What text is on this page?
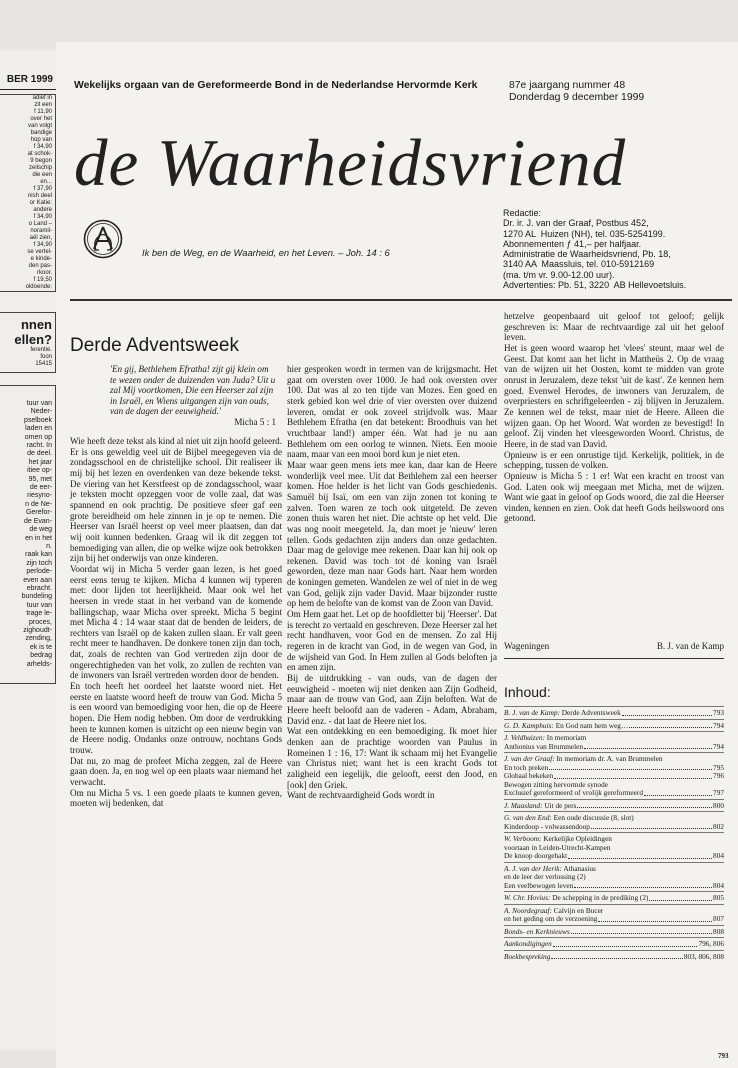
BER 1999
adief in
zit een
f 11,90
over het
van volgt
bandige
hop van
f 34,90
at schok-
9 begon
zeilschip
die een
en...
f 37,90
nish deel
or Katie:
andere
f 34,90
o Land –
noramil-
aël zien,
f 34,90
se vertel-
e kinde-
den pas-
rkoor.
f 19,50
oldoende:
nnen
ellen?
ferentie.
foon
15415
tuur van
Neder-
pselboek
laden en
omen op
racht. In
de deel.
het jaar
itiee op-
95, met
de eer-
riesyno-
n de Ne-
Gerefor-
de Evan-
de weg
en in het
n.
raak kan
zijn toch
perlode-
even aan
ebracht.
bundeling
tuur van
trage le-
proces,
zighoudt-
zending,
ek is te
bedrag
arhelds-
Wekelijks orgaan van de Gereformeerde Bond in de Nederlandse Hervormde Kerk	87e jaargang nummer 48
Donderdag 9 december 1999
de Waarheidsvriend
Ik ben de Weg, en de Waarheid, en het Leven. – Joh. 14 : 6
Redactie:
Dr. ir. J. van der Graaf, Postbus 452,
1270 AL  Huizen (NH), tel. 035-5254199.
Abonnementen ƒ 41,– per halfjaar.
Administratie de Waarheidsvriend, Pb. 18,
3140 AA  Maassluis, tel. 010-5912169
(ma. t/m vr. 9.00-12.00 uur).
Advertenties: Pb. 51, 3220  AB Hellevoetsluis.
Derde Adventsweek
'En gij, Bethlehem Efratha! zijt gij klein om te wezen onder de duizenden van Juda? Uit u zal Mij voortkomen, Die een Heerser zal zijn in Israël, en Wiens uitgangen zijn van ouds, van de dagen der eeuwigheid.'
Micha 5 : 1

Wie heeft deze tekst als kind al niet uit zijn hoofd geleerd. Er is ons geweldig veel uit de Bijbel meegegeven via de zondagsschool en de christelijke school. Dit realiseer ik mij bij het lezen en overdenken van deze bekende tekst. De viering van het Kerstfeest op de zondagsschool, waar je teksten mocht opzeggen voor de volle zaal, dat was spannend en ook prachtig. De positieve sfeer gaf een grote bereidheid om hele zinnen in je op te nemen. Die Heerser van Israël heerst op veel meer plaatsen, dan dat wij ooit kunnen bedenken. Graag wil ik dit zeggen tot bemoediging van allen, die op welke wijze ook betrokken zijn bij het onderwijs van onze kinderen.

Voordat wij in Micha 5 verder gaan lezen, is het goed eerst eens terug te kijken. Micha 4 kunnen wij typeren met: door lijden tot heerlijkheid. Maar ook wel het heersen in vrede staat in het verband van de komende ballingschap, waar Micha over spreekt. Micha 5 begint met Micha 4 : 14 waar staat dat de benden de leiders, de rechters van Israël op de kaken zullen slaan. Er valt geen recht meer te handhaven. De donkere tonen zijn dan toch, dat, zoals de rechten van God vertreden zijn door de ongerechtigheden van het volk, zo zullen de rechten van de inwoners van Israël vertreden worden door de benden.

En toch heeft het oordeel het laatste woord niet. Het eerste en laatste woord heeft de trouw van God. Micha 5 is een woord van bemoediging voor hen, die op de Heere hopen. Die Hem nodig hebben. Om door de verdrukking heen te kunnen komen is uitzicht op een nieuw begin van de Heere nodig. Ondanks onze ontrouw, nochtans Gods trouw.

Dat nu, zo mag de profeet Micha zeggen, zal de Heere gaan doen. Ja, en nog wel op een plaats waar niemand het verwacht.

Om nu Micha 5 vs. 1 een goede plaats te kunnen geven, moeten wij bedenken, dat

hier gesproken wordt in termen van de krijgsmacht. Het gaat om oversten over 1000. Je had ook oversten over 100. Dat was al zo ten tijde van Mozes. Een goed en sterk gebied kon wel drie of vier oversten over duizend leveren, omdat er ook zoveel strijdvolk was. Maar Bethlehem Efratha (en dat betekent: Broodhuis van het vruchtbaar land!) amper één. Wat had je nu aan Bethlehem om een oorlog te winnen. Niets. Een mooie naam, maar van een mooi bord kun je niet eten.

Maar waar geen mens iets mee kan, daar kan de Heere wonderlijk veel mee. Uit dat Bethlehem zal een heerser komen. Hoe helder is het licht van Gods geschiedenis. Samuël bij Isaï, om een van zijn zonen tot koning te zalven. Toen waren ze toch ook uitgeteld. De zeven zonen thuis waren het niet. Die achtste op het veld. Die was nog nooit meegeteld. Ja, dan moet je 'nieuw' leren tellen. Gods gedachten zijn anders dan onze gedachten. Daar mag de gelovige mee rekenen. Daar kan hij ook op rekenen. David was toch tot dé koning van Israël geworden, deze man naar Gods hart. Naar hem worden de koningen gemeten. Wandelen ze wel of niet in de weg van God, gelijk zijn vader David. Maar bijzonder rustte op hem de belofte van de komst van de Zoon van David.

Om Hem gaat het. Let op de hoofdletter bij 'Heerser'. Dat is terecht zo vertaald en geschreven. Deze Heerser zal het recht handhaven, voor God en de mensen. Zo zal Hij regeren in de kracht van God, in de wegen van God, in de wijsheid van God. In Hem zullen al Gods beloften ja en amen zijn.

Bij de uitdrukking - van ouds, van de dagen der eeuwigheid - moeten wij niet denken aan Zijn Godheid, maar aan de trouw van God, aan Zijn beloften. Wat de Heere heeft beloofd aan de vaderen - Adam, Abraham, David enz. - dat laat de Heere niet los.

Wat een ontdekking en een bemoediging. Ik moet hier denken aan de prachtige woorden van Paulus in Romeinen 1 : 16, 17: Want ik schaam mij het Evangelie van Christus niet; want het is een kracht Gods tot zaligheid een iegelijk, die gelooft, eerst den Jood, en [ook] den Griek.

Want de rechtvaardigheid Gods wordt in

hetzelve geopenbaard uit geloof tot geloof; gelijk geschreven is: Maar de rechtvaardige zal uit het geloof leven.

Het is geen woord waarop het 'vlees' steunt, maar wel de Geest. Dat komt aan het licht in Mattheüs 2. Op de vraag van de wijzen uit het Oosten, komt te midden van grote onrust in Jeruzalem, deze tekst 'uit de kast'. Ze kennen hem goed. Evenwel Herodes, de inwoners van Jeruzalem, de overpriesters en schriftgeleerden - zij blijven in Jeruzalem. Ze kennen wel de tekst, maar niet de Heere. Alleen die wijzen gaan. Op het Woord. Wat worden ze bevestigd! In geloof. Zij vinden het vleesgeworden Woord. Christus, de Heere, in de stad van David.

Opnieuw is er een onrustige tijd. Kerkelijk, politiek, in de schepping, tussen de volken.

Opnieuw is Micha 5 : 1 er! Wat een kracht en troost van God. Laten ook wij meegaan met Micha, met de wijzen. Want wie gaat in geloof op Gods woord, die zal die Heerser vinden, kennen en zien. Ook dat heeft Gods heilswoord ons getoond.

Wageningen	B. J. van de Kamp
Inhoud:
B. J. van de Kamp: Derde Adventsweek	793
G. D. Kamphuis: En God nam hem weg…	794
J. Veldhuizen: In memoriam
Anthonius van Brummelen	794
J. van der Graaf: In memoriam dr. A. van Brummelen
En toch preken	795
Globaal bekeken	796
Bewogen zitting hervormde synode
Exclusief gereformeerd of vrolijk gereformeerd	797
J. Maasland: Uit de pers	800
G. van den End: Een oude discussie (8, slot)
Kinderdoop - volwassendoop	802
W. Verboom: Kerkelijke Opleidingen
voortaan in Leiden-Utrecht-Kampen
De knoop doorgehakt	804
A. J. van der Herik: Athanasius
en de leer der verlossing (2)
Een veelbewogen leven	804
W. Chr. Hovius: De schepping in de prediking (2)	805
A. Noordegraaf: Calvijn en Bucer
en het geding om de verzoening	807
Bonds- en Kerknieuws	808
Aankondigingen	796, 806
Boekbespreking	803, 806, 808
793
